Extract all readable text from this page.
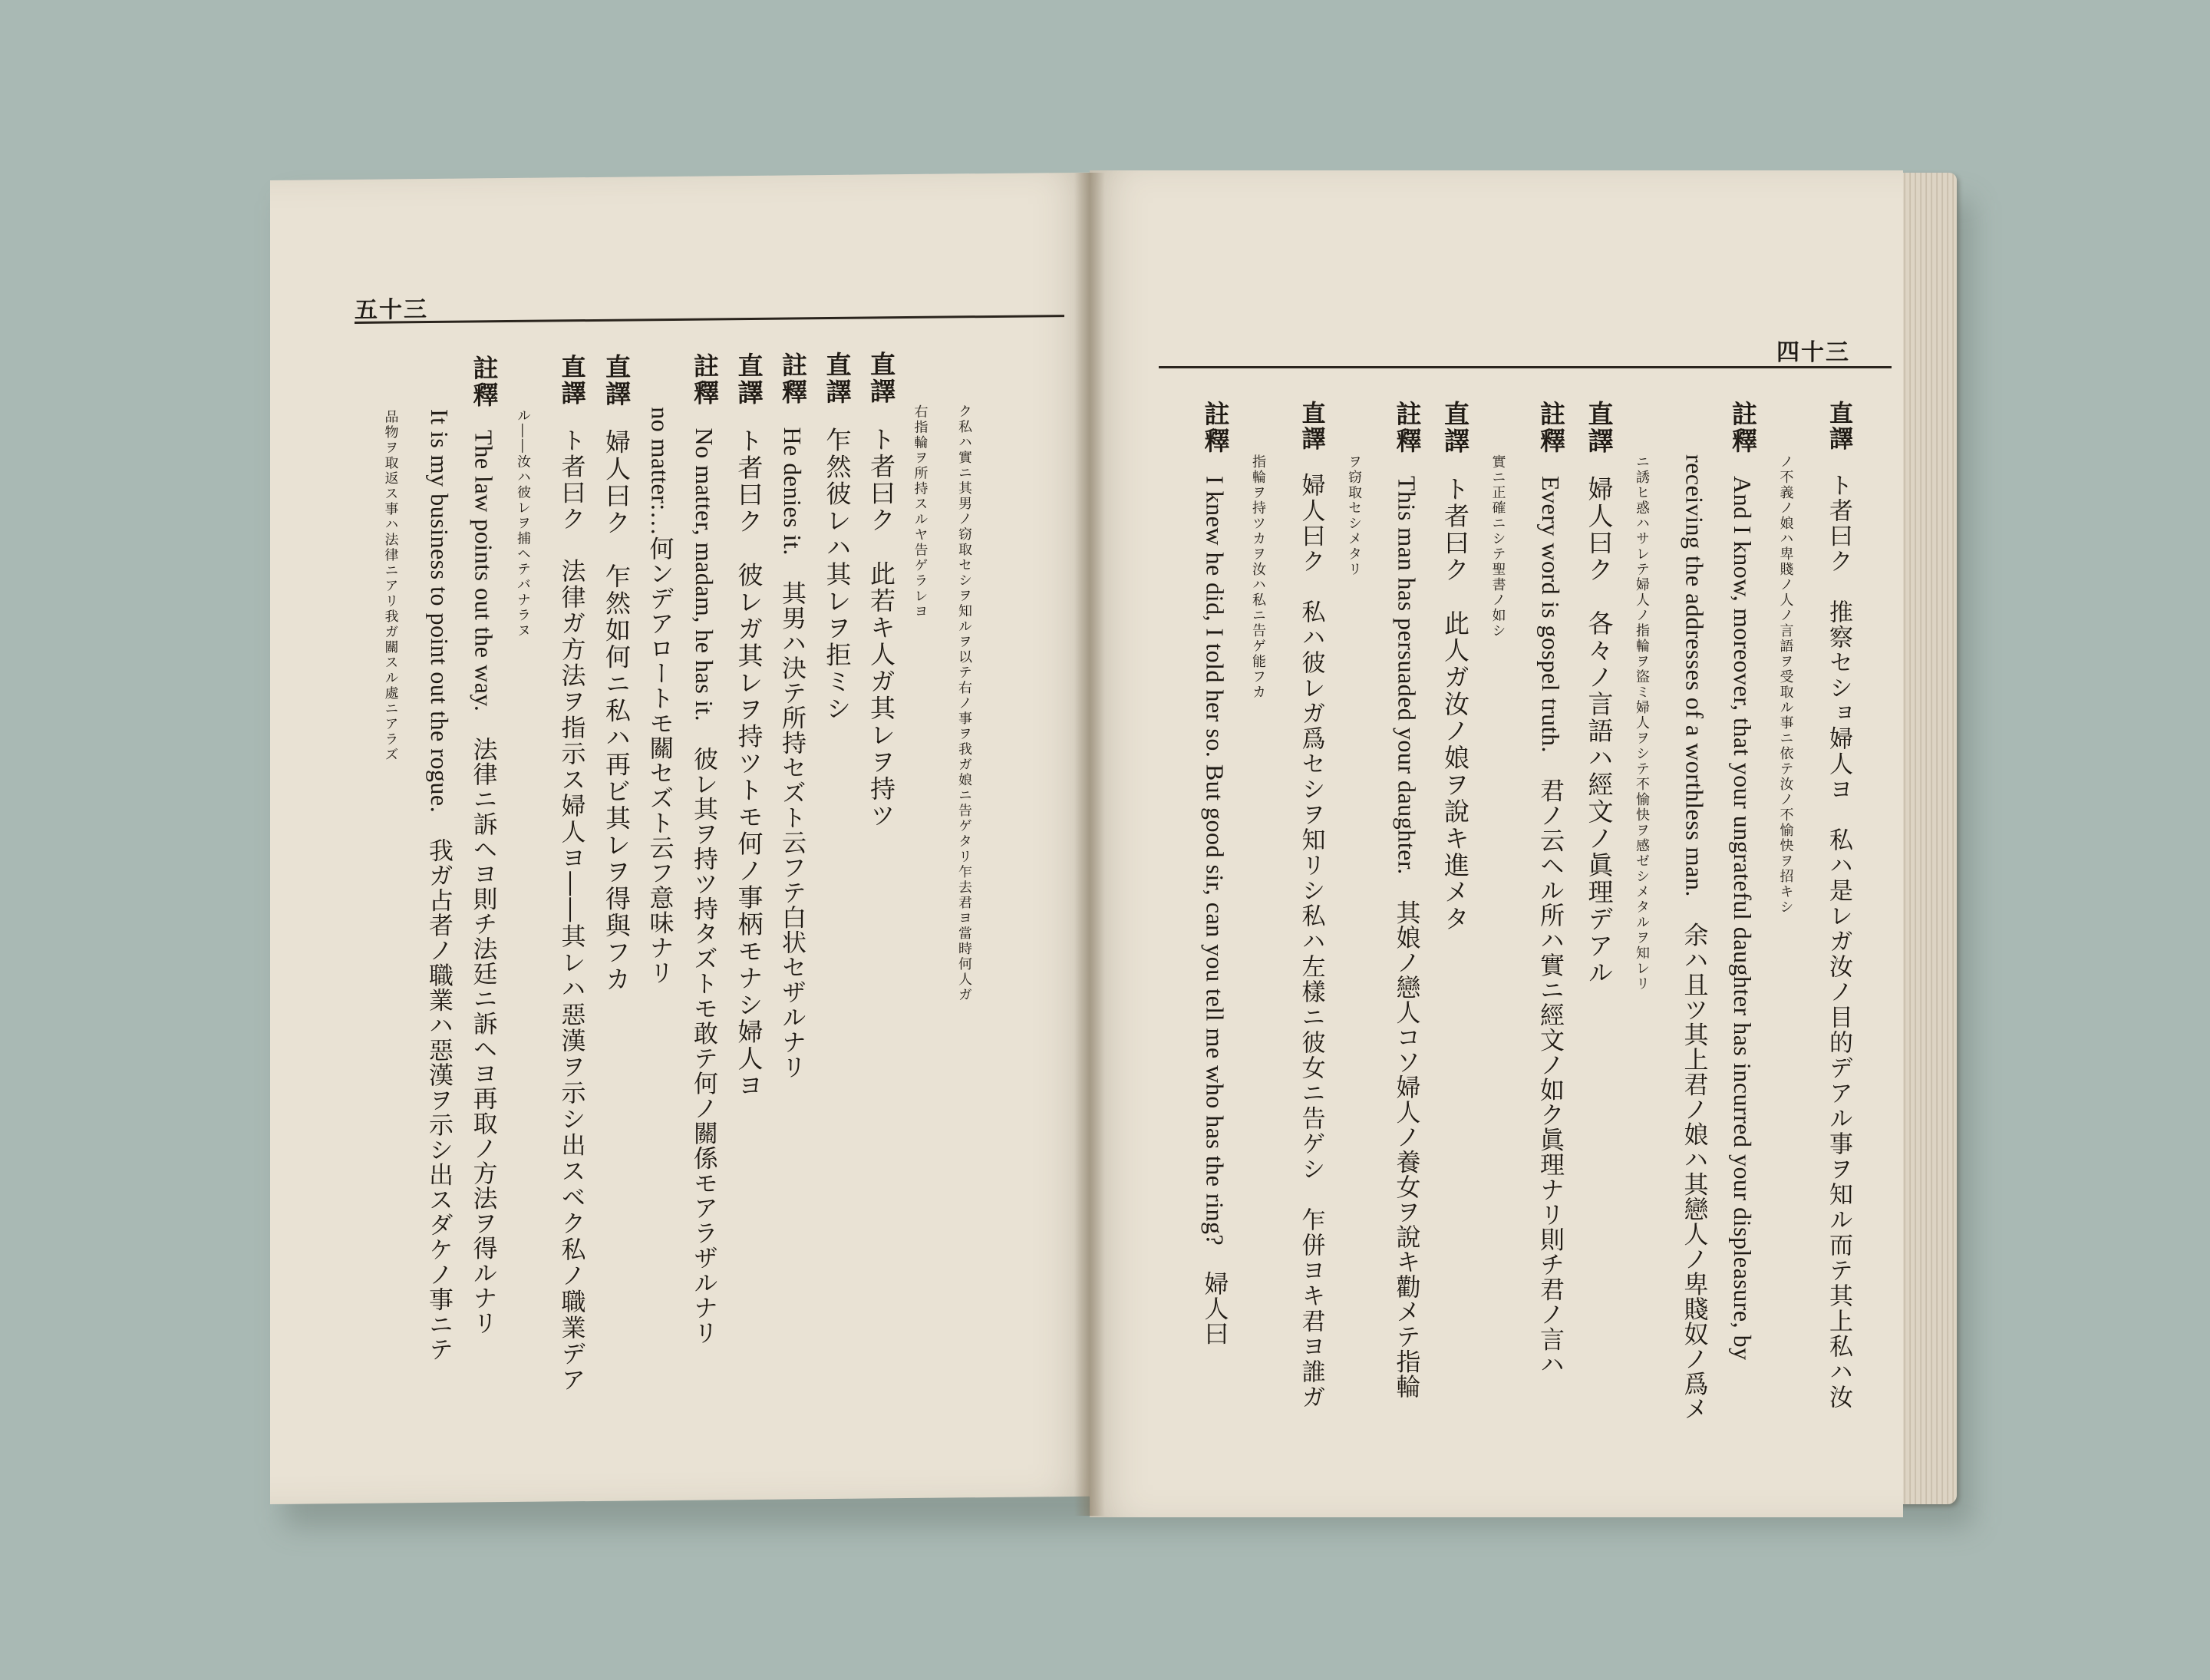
五十三
ク私ハ實ニ其男ノ窃取セシヲ知ルヲ以テ右ノ事ヲ我ガ娘ニ告ゲタリ乍去君ヨ當時何人ガ
右指輪ヲ所持スルヤ告ゲラレヨ
直譯ト者曰ク　此若キ人ガ其レヲ持ツ
直譯乍然彼レハ其レヲ拒ミシ
註釋He denies it.　其男ハ決テ所持セズト云フテ白状セザルナリ
直譯ト者曰ク　彼レガ其レヲ持ツトモ何ノ事柄モナシ婦人ヨ
註釋No matter, madam, he has it.　彼レ其ヲ持ツ持タズトモ敢テ何ノ關係モアラザルナリ
no matter:…何ンデアロートモ關セズト云フ意味ナリ
直譯婦人曰ク　乍然如何ニ私ハ再ビ其レヲ得與フカ
直譯ト者曰ク　法律ガ方法ヲ指示ス婦人ヨ――其レハ惡漢ヲ示シ出スベク私ノ職業デア
ル――汝ハ彼レヲ捕ヘテバナラヌ
註釋The law points out the way.　法律ニ訴ヘヨ則チ法廷ニ訴ヘヨ再取ノ方法ヲ得ルナリ
It is my business to point out the rogue.　我ガ占者ノ職業ハ惡漢ヲ示シ出スダケノ事ニテ
品物ヲ取返ス事ハ法律ニアリ我ガ關スル處ニアラズ
四十三
直譯ト者曰ク　推察セショ婦人ヨ　私ハ是レガ汝ノ目的デアル事ヲ知ル而テ其上私ハ汝
ノ不義ノ娘ハ卑賤ノ人ノ言語ヲ受取ル事ニ依テ汝ノ不愉快ヲ招キシ
註釋And I know, moreover, that your ungrateful daughter has incurred your displeasure, by
receiving the addresses of a worthless man.　余ハ且ツ其上君ノ娘ハ其戀人ノ卑賤奴ノ爲メ
ニ誘ヒ惑ハサレテ婦人ノ指輪ヲ盜ミ婦人ヲシテ不愉快ヲ感ゼシメタルヲ知レリ
直譯婦人曰ク　各々ノ言語ハ經文ノ眞理デアル
註釋Every word is gospel truth.　君ノ云ヘル所ハ實ニ經文ノ如ク眞理ナリ則チ君ノ言ハ
實ニ正確ニシテ聖書ノ如シ
直譯ト者曰ク　此人ガ汝ノ娘ヲ說キ進メタ
註釋This man has persuaded your daughter.　其娘ノ戀人コソ婦人ノ養女ヲ說キ勸メテ指輪
ヲ窃取セシメタリ
直譯婦人曰ク　私ハ彼レガ爲セシヲ知リシ私ハ左樣ニ彼女ニ告ゲシ　乍併ヨキ君ヨ誰ガ
指輪ヲ持ツカヲ汝ハ私ニ告ゲ能フカ
註釋I knew he did, I told her so. But good sir, can you tell me who has the ring?　婦人曰
